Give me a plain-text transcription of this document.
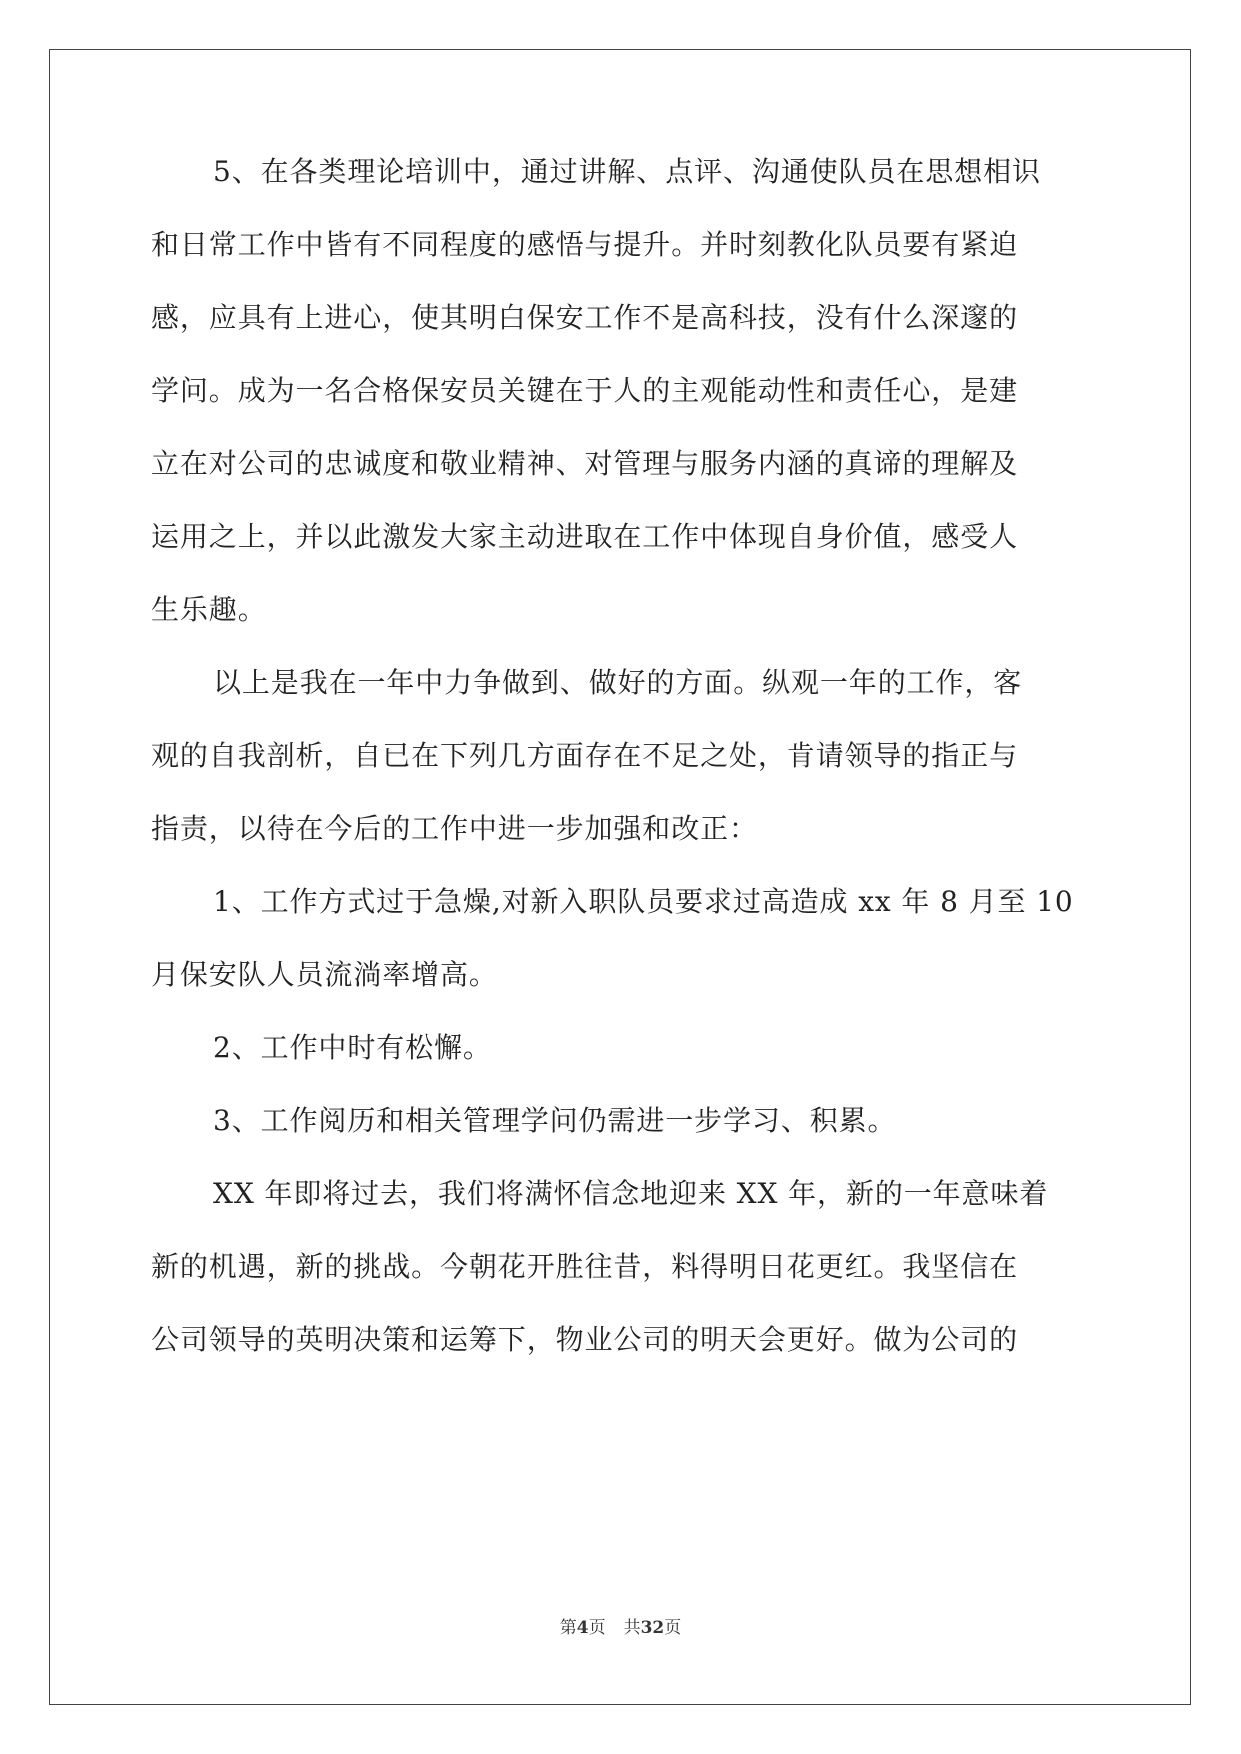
5、在各类理论培训中，通过讲解、点评、沟通使队员在思想相识
和日常工作中皆有不同程度的感悟与提升。并时刻教化队员要有紧迫
感，应具有上进心，使其明白保安工作不是高科技，没有什么深邃的
学问。成为一名合格保安员关键在于人的主观能动性和责任心，是建
立在对公司的忠诚度和敬业精神、对管理与服务内涵的真谛的理解及
运用之上，并以此激发大家主动进取在工作中体现自身价值，感受人
生乐趣。
以上是我在一年中力争做到、做好的方面。纵观一年的工作，客
观的自我剖析，自已在下列几方面存在不足之处，肯请领导的指正与
指责，以待在今后的工作中进一步加强和改正：
1、工作方式过于急燥,对新入职队员要求过高造成 xx 年 8 月至 10
月保安队人员流淌率增高。
2、工作中时有松懈。
3、工作阅历和相关管理学问仍需进一步学习、积累。
XX 年即将过去，我们将满怀信念地迎来 XX 年，新的一年意味着
新的机遇，新的挑战。今朝花开胜往昔，料得明日花更红。我坚信在
公司领导的英明决策和运筹下，物业公司的明天会更好。做为公司的
第4页 共32页
